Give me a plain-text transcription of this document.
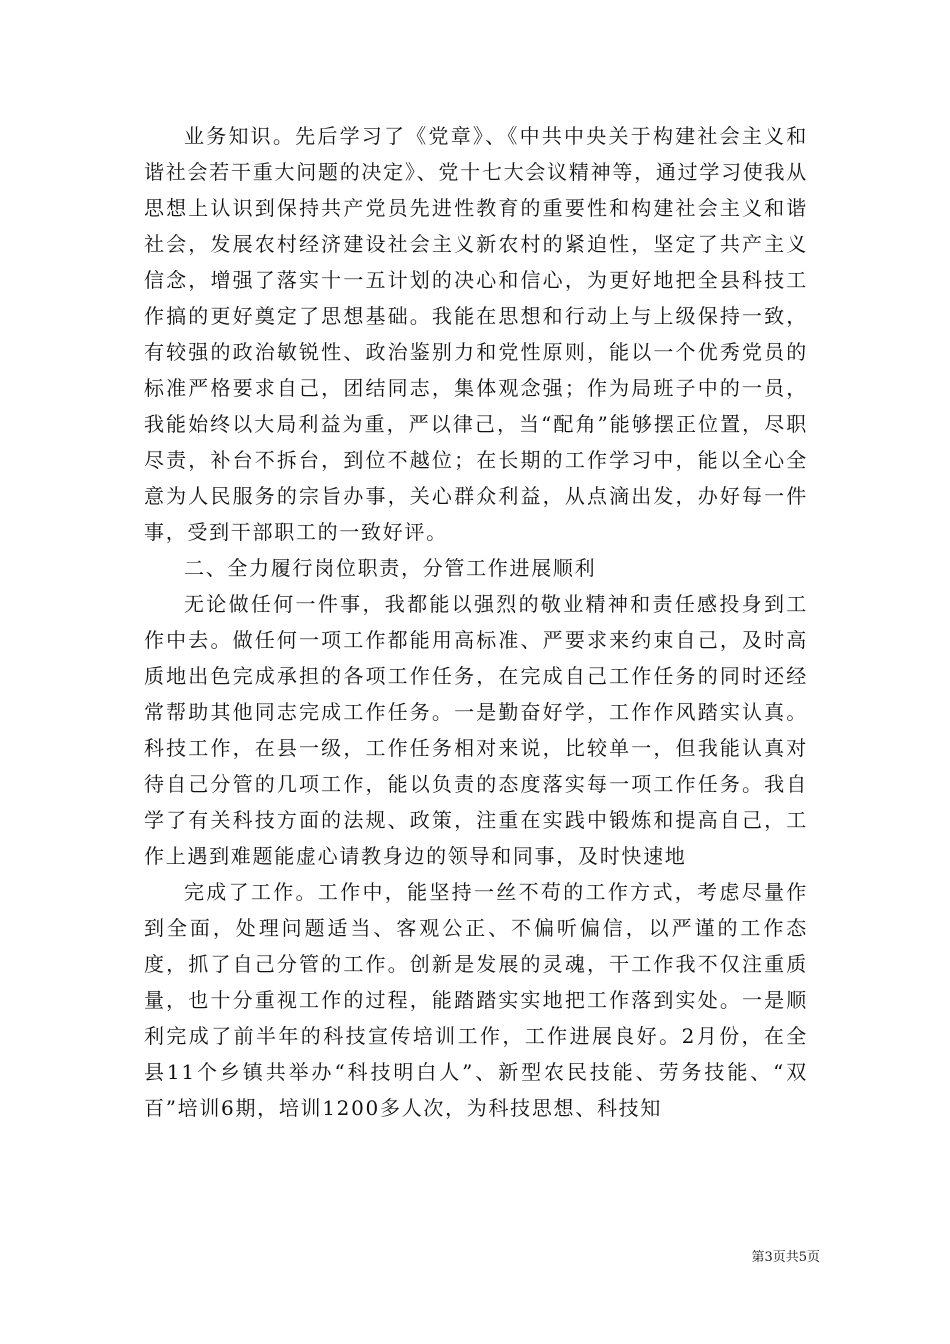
业务知识。先后学习了《党章》、《中共中央关于构建社会主义和谐社会若干重大问题的决定》、党十七大会议精神等，通过学习使我从思想上认识到保持共产党员先进性教育的重要性和构建社会主义和谐社会，发展农村经济建设社会主义新农村的紧迫性，坚定了共产主义信念，增强了落实十一五计划的决心和信心，为更好地把全县科技工作搞的更好奠定了思想基础。我能在思想和行动上与上级保持一致，有较强的政治敏锐性、政治鉴别力和党性原则，能以一个优秀党员的标准严格要求自己，团结同志，集体观念强；作为局班子中的一员，我能始终以大局利益为重，严以律己，当“配角”能够摆正位置，尽职尽责，补台不拆台，到位不越位；在长期的工作学习中，能以全心全意为人民服务的宗旨办事，关心群众利益，从点滴出发，办好每一件事，受到干部职工的一致好评。

二、全力履行岗位职责，分管工作进展顺利

无论做任何一件事，我都能以强烈的敬业精神和责任感投身到工作中去。做任何一项工作都能用高标准、严要求来约束自己，及时高质地出色完成承担的各项工作任务，在完成自己工作任务的同时还经常帮助其他同志完成工作任务。一是勤奋好学，工作作风踏实认真。科技工作，在县一级，工作任务相对来说，比较单一，但我能认真对待自己分管的几项工作，能以负责的态度落实每一项工作任务。我自学了有关科技方面的法规、政策，注重在实践中锻炼和提高自己，工作上遇到难题能虚心请教身边的领导和同事，及时快速地

完成了工作。工作中，能坚持一丝不苟的工作方式，考虑尽量作到全面，处理问题适当、客观公正、不偏听偏信，以严谨的工作态度，抓了自己分管的工作。创新是发展的灵魂，干工作我不仅注重质量，也十分重视工作的过程，能踏踏实实地把工作落到实处。一是顺利完成了前半年的科技宣传培训工作，工作进展良好。2月份，在全县11个乡镇共举办“科技明白人”、新型农民技能、劳务技能、“双百”培训6期，培训1200多人次，为科技思想、科技知

第3页共5页
